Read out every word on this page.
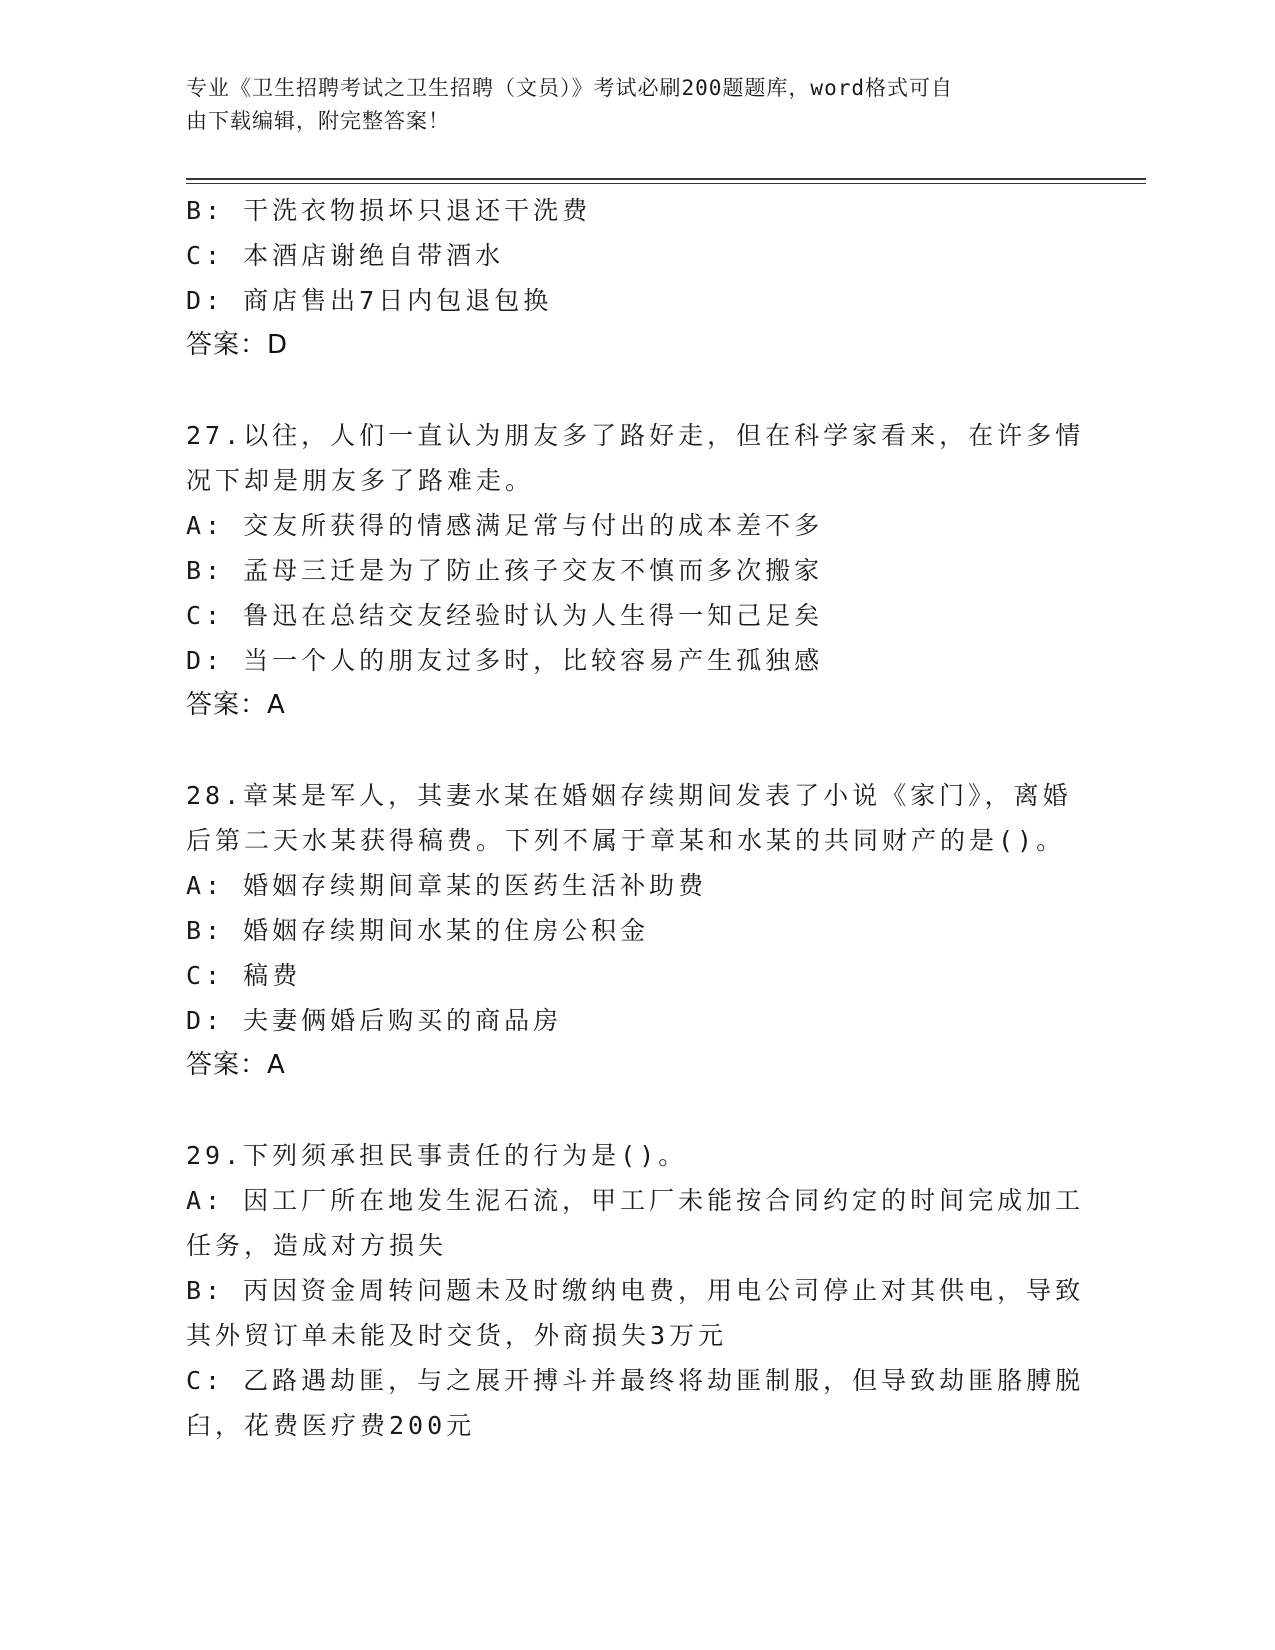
专业《卫生招聘考试之卫生招聘（文员）》考试必刷200题题库，word格式可自
由下载编辑，附完整答案！
B: 干洗衣物损坏只退还干洗费
C: 本酒店谢绝自带酒水
D: 商店售出7日内包退包换
答案：D
27.以往，人们一直认为朋友多了路好走，但在科学家看来，在许多情
况下却是朋友多了路难走。
A: 交友所获得的情感满足常与付出的成本差不多
B: 孟母三迁是为了防止孩子交友不慎而多次搬家
C: 鲁迅在总结交友经验时认为人生得一知己足矣
D: 当一个人的朋友过多时，比较容易产生孤独感
答案：A
28.章某是军人，其妻水某在婚姻存续期间发表了小说《家门》，离婚
后第二天水某获得稿费。下列不属于章某和水某的共同财产的是()。
A: 婚姻存续期间章某的医药生活补助费
B: 婚姻存续期间水某的住房公积金
C: 稿费
D: 夫妻俩婚后购买的商品房
答案：A
29.下列须承担民事责任的行为是()。
A: 因工厂所在地发生泥石流，甲工厂未能按合同约定的时间完成加工
任务，造成对方损失
B: 丙因资金周转问题未及时缴纳电费，用电公司停止对其供电，导致
其外贸订单未能及时交货，外商损失3万元
C: 乙路遇劫匪，与之展开搏斗并最终将劫匪制服，但导致劫匪胳膊脱
臼，花费医疗费200元
